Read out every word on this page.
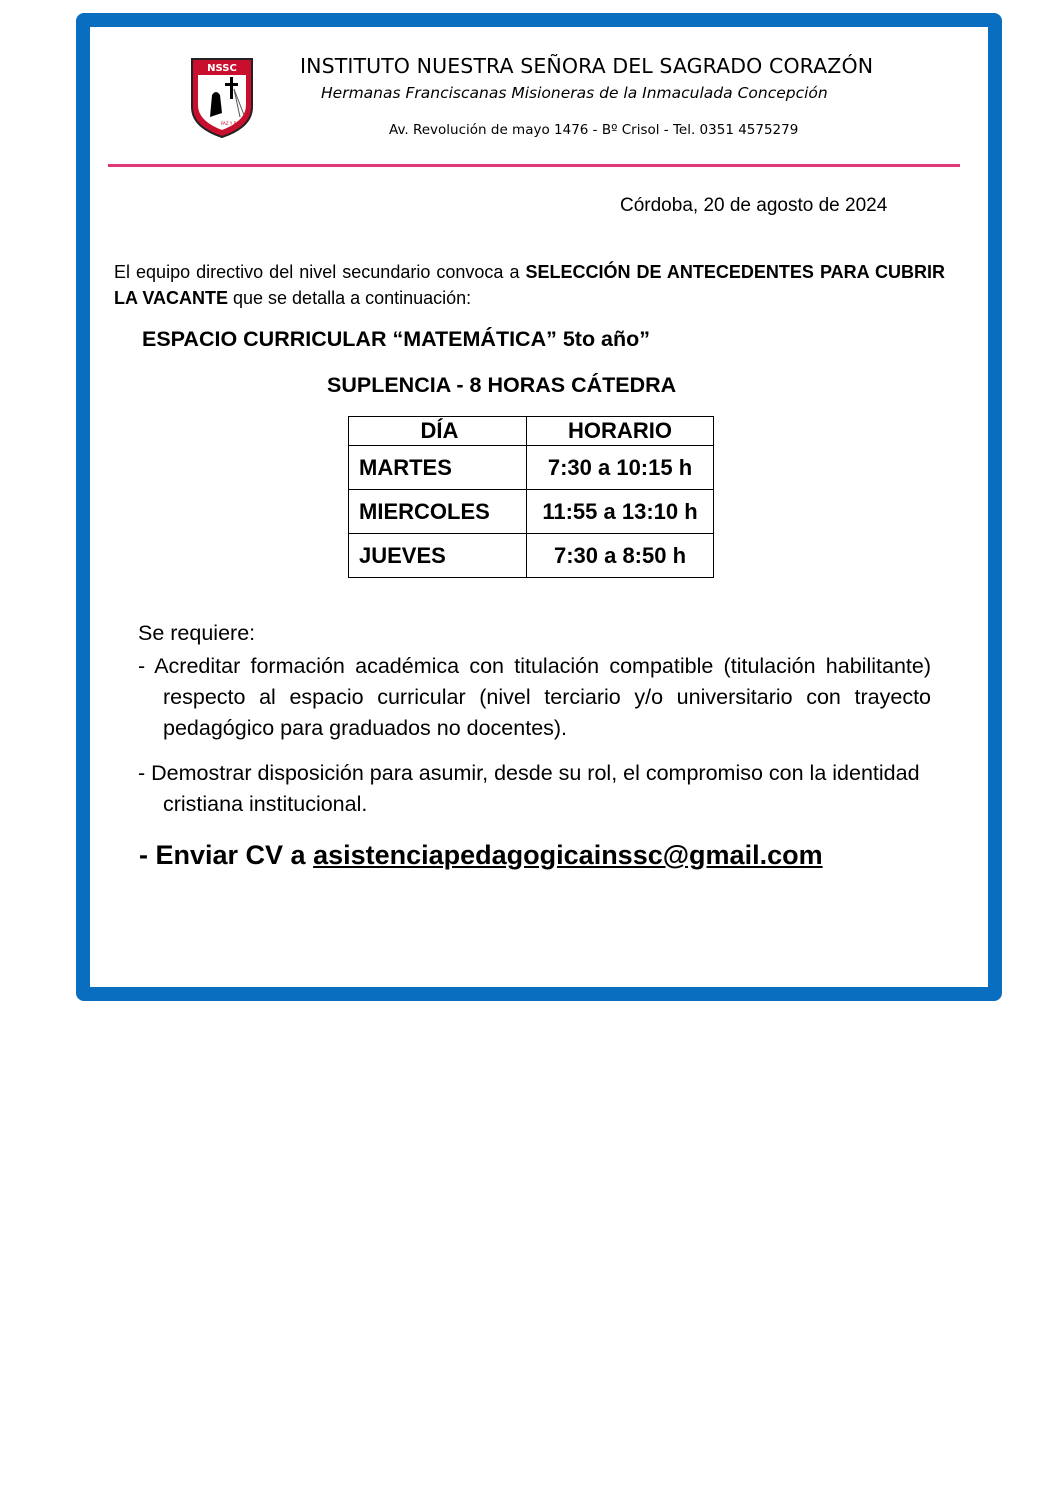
NSSC
PAZ Y BIEN
INSTITUTO NUESTRA SEÑORA DEL SAGRADO CORAZÓN
Hermanas Franciscanas Misioneras de la Inmaculada Concepción
Av. Revolución de mayo 1476 - Bº Crisol - Tel. 0351 4575279
Córdoba, 20 de agosto de 2024
El equipo directivo del nivel secundario convoca a SELECCIÓN DE ANTECEDENTES PARA CUBRIR LA VACANTE que se detalla a continuación:
ESPACIO CURRICULAR “MATEMÁTICA” 5to año”
SUPLENCIA - 8 HORAS CÁTEDRA
DÍA	HORARIO
MARTES	7:30 a 10:15 h
MIERCOLES	11:55 a 13:10 h
JUEVES	7:30 a 8:50 h
Se requiere:
- Acreditar formación académica con titulación compatible (titulación habilitante) respecto al espacio curricular (nivel terciario y/o universitario con trayecto pedagógico para graduados no docentes).
- Demostrar disposición para asumir, desde su rol, el compromiso con la identidad cristiana institucional.
- Enviar CV a asistenciapedagogicainssc@gmail.com
